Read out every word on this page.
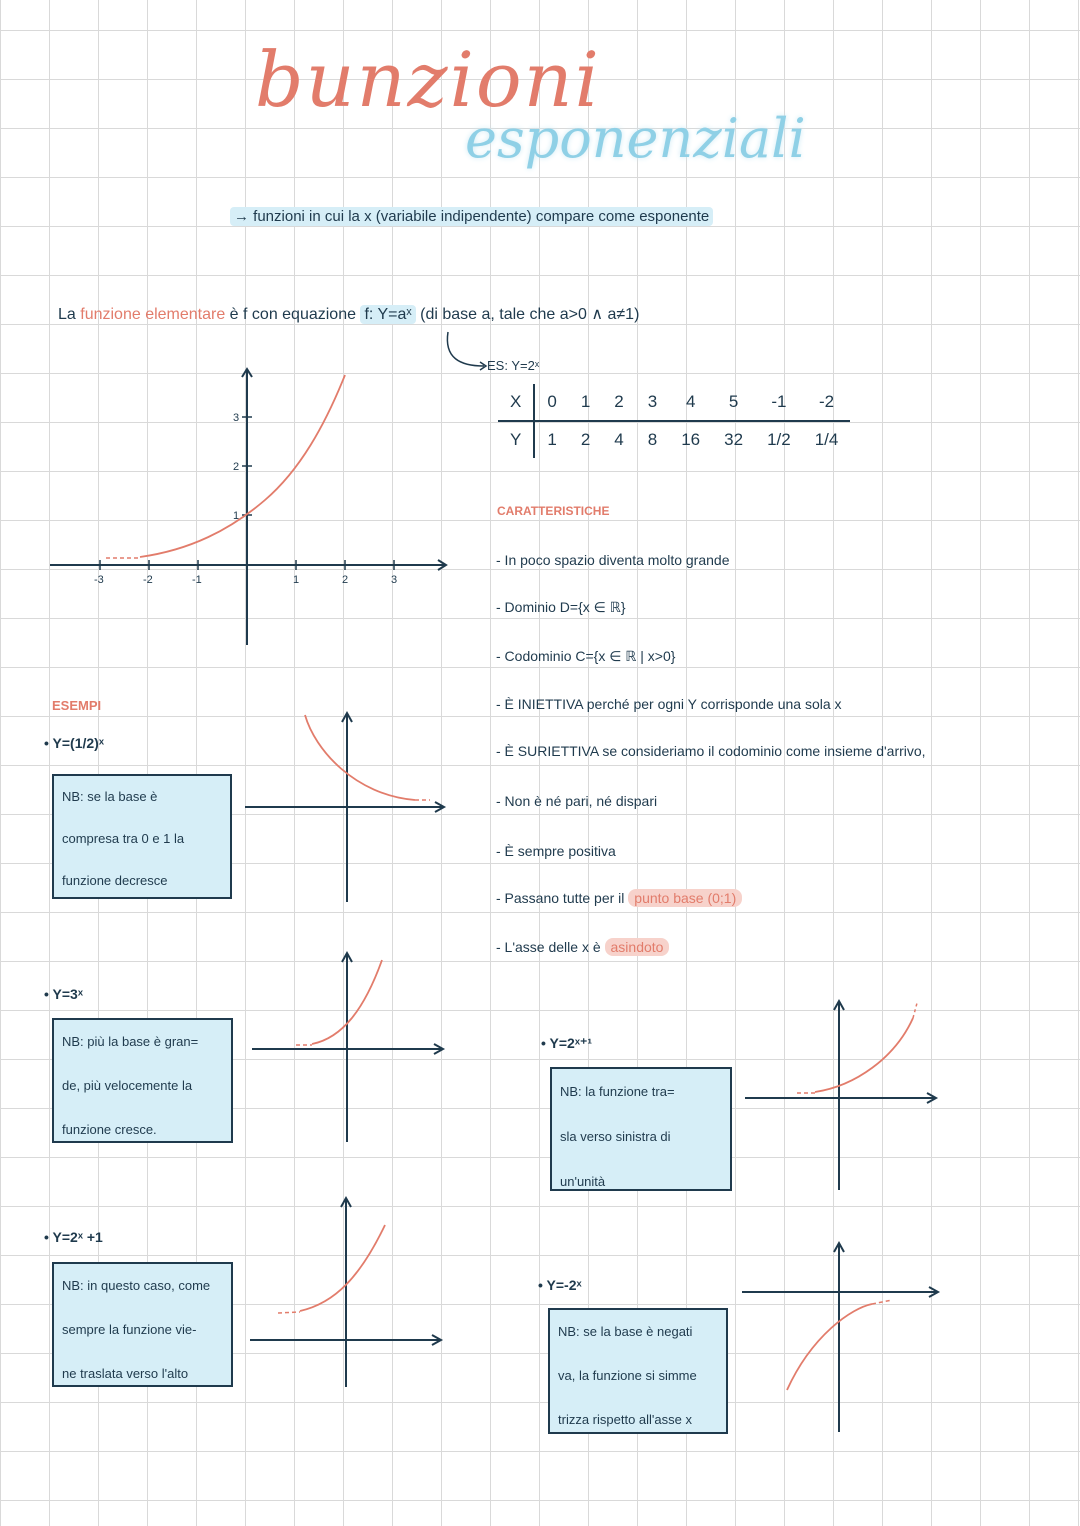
bunzioni
esponenziali
→ funzioni in cui la x (variabile indipendente) compare come esponente
La funzione elementare è f con equazione f: Y=aˣ (di base a, tale che a>0 ∧ a≠1)
ES: Y=2ˣ
X	0	1	2	3	4	5	-1	-2
Y	1	2	4	8	16	32	1/2	1/4
-3	-2	-1	1	2	3
1
2
3
CARATTERISTICHE
- In poco spazio diventa molto grande
- Dominio D={x ∈ ℝ}
- Codominio C={x ∈ ℝ | x>0}
- È INIETTIVA perché per ogni Y corrisponde una sola x
- È SURIETTIVA se consideriamo il codominio come insieme d'arrivo,
- Non è né pari, né dispari
- È sempre positiva
- Passano tutte per il punto base (0;1)
- L'asse delle x è asindoto
ESEMPI
• Y=(1/2)ˣ
NB: se la base è
compresa tra 0 e 1 la
funzione decresce
• Y=3ˣ
NB: più la base è gran=
de, più velocemente la
funzione cresce.
• Y=2ˣ +1
NB: in questo caso, come
sempre la funzione vie-
ne traslata verso l'alto
• Y=2ˣ⁺¹
NB: la funzione tra=
sla verso sinistra di
un'unità
• Y=-2ˣ
NB: se la base è negati
va, la funzione si simme
trizza rispetto all'asse x
